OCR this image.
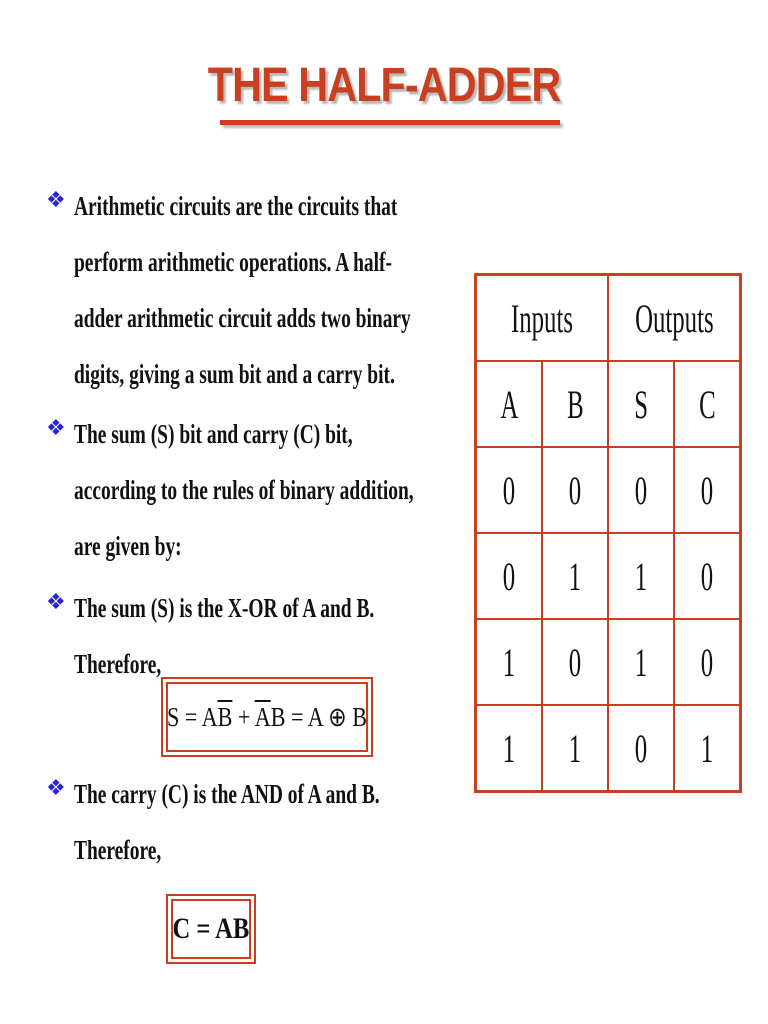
THE HALF-ADDER
❖ Arithmetic circuits are the circuits that
perform arithmetic operations. A half-
adder arithmetic circuit adds two binary
digits, giving a sum bit and a carry bit.
❖ The sum (S) bit and carry (C) bit,
according to the rules of binary addition,
are given by:
❖ The sum (S) is the X-OR of A and B.
Therefore,
❖ The carry (C) is the AND of A and B.
Therefore,
$S = A\overline{B} + \overline{A}B = A$ ⊕ B
C = AB
Inputs		Outputs	
A	B	S	C
0	0	0	0
0	1	1	0
1	0	1	0
1	1	0	1
